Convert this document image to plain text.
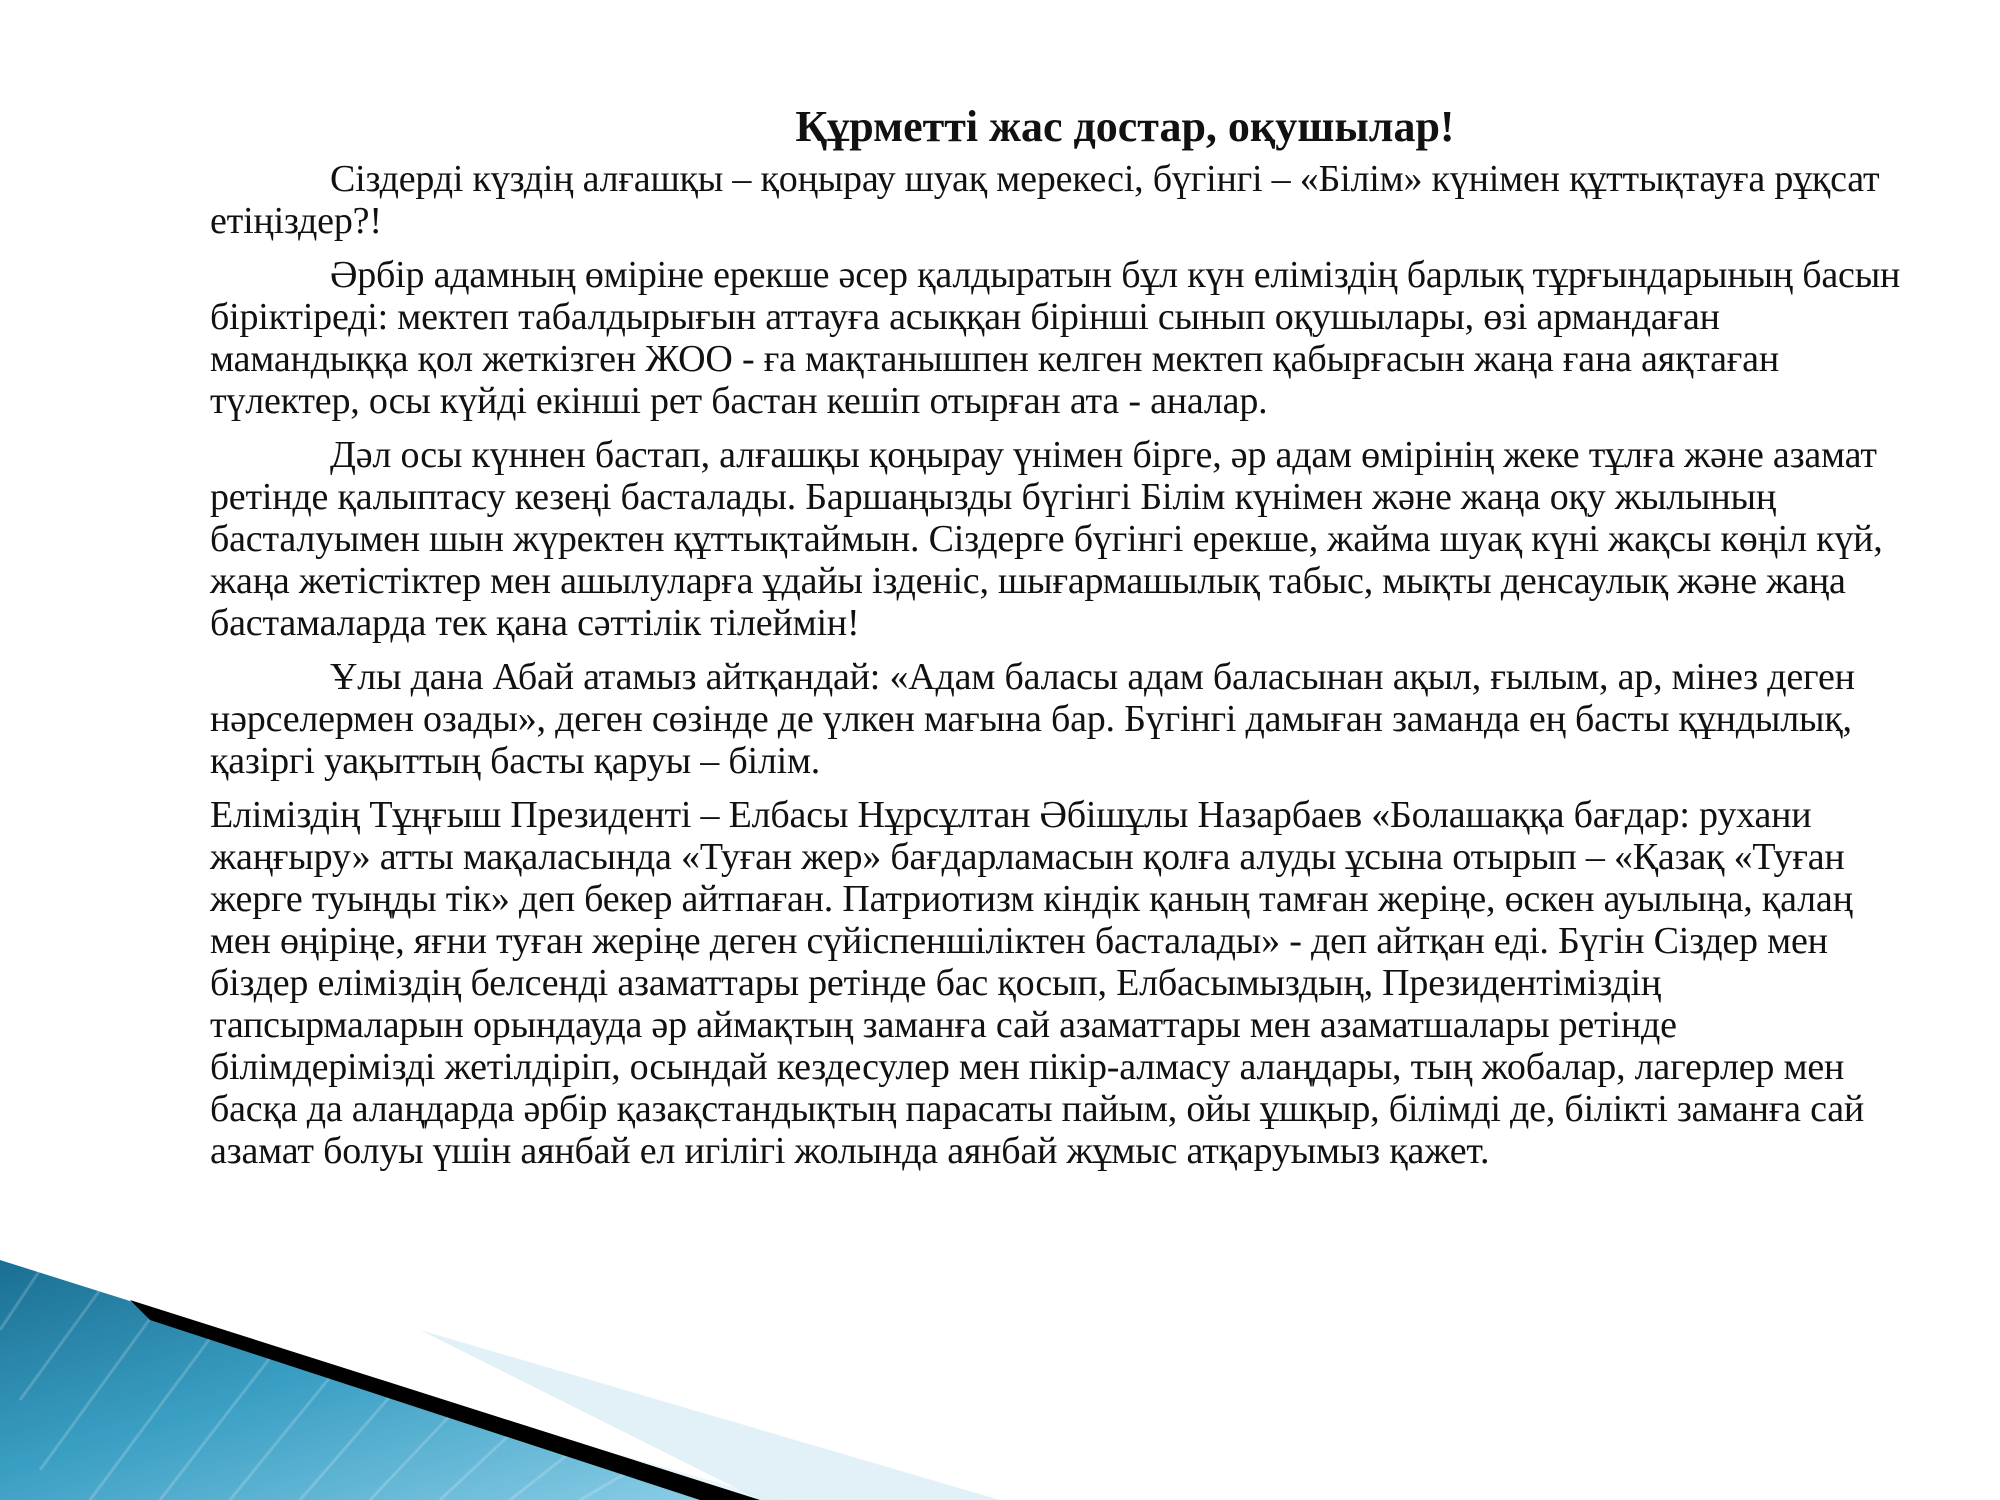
Құрметті жас достар, оқушылар!

Сіздерді күздің алғашқы – қоңырау шуақ мерекесі, бүгінгі – «Білім» күнімен құттықтауға рұқсат етіңіздер?!

Әрбір адамның өміріне ерекше әсер қалдыратын бұл күн еліміздің барлық тұрғындарының басын біріктіреді: мектеп табалдырығын аттауға асыққан бірінші сынып оқушылары, өзі армандаған мамандыққа қол жеткізген ЖОО - ға мақтанышпен келген мектеп қабырғасын жаңа ғана аяқтаған түлектер, осы күйді екінші рет бастан кешіп отырған ата - аналар.

Дәл осы күннен бастап, алғашқы қоңырау үнімен бірге, әр адам өмірінің жеке тұлға және азамат ретінде қалыптасу кезеңі басталады. Баршаңызды бүгінгі Білім күнімен және жаңа оқу жылының басталуымен шын жүректен құттықтаймын. Сіздерге бүгінгі ерекше, жайма шуақ күні жақсы көңіл күй, жаңа жетістіктер мен ашылуларға ұдайы ізденіс, шығармашылық табыс, мықты денсаулық және жаңа бастамаларда тек қана сәттілік тілеймін!

Ұлы дана Абай атамыз айтқандай: «Адам баласы адам баласынан ақыл, ғылым, ар, мінез деген нәрселермен озады», деген сөзінде де үлкен мағына бар. Бүгінгі дамыған заманда ең басты құндылық, қазіргі уақыттың басты қаруы – білім.

Еліміздің Тұңғыш Президенті – Елбасы Нұрсұлтан Әбішұлы Назарбаев «Болашаққа бағдар: рухани жаңғыру» атты мақаласында «Туған жер» бағдарламасын қолға алуды ұсына отырып – «Қазақ «Туған жерге туыңды тік» деп бекер айтпаған. Патриотизм кіндік қаның тамған жеріңе, өскен ауылыңа, қалаң мен өңіріңе, яғни туған жеріңе деген сүйіспеншіліктен басталады» - деп айтқан еді. Бүгін Сіздер мен біздер еліміздің белсенді азаматтары ретінде бас қосып, Елбасымыздың, Президентіміздің тапсырмаларын орындауда әр аймақтың заманға сай азаматтары мен азаматшалары ретінде білімдерімізді жетілдіріп, осындай кездесулер мен пікір-алмасу алаңдары, тың жобалар, лагерлер мен басқа да алаңдарда әрбір қазақстандықтың парасаты пайым, ойы ұшқыр, білімді де, білікті заманға сай азамат болуы үшін аянбай ел игілігі жолында аянбай жұмыс атқаруымыз қажет.
